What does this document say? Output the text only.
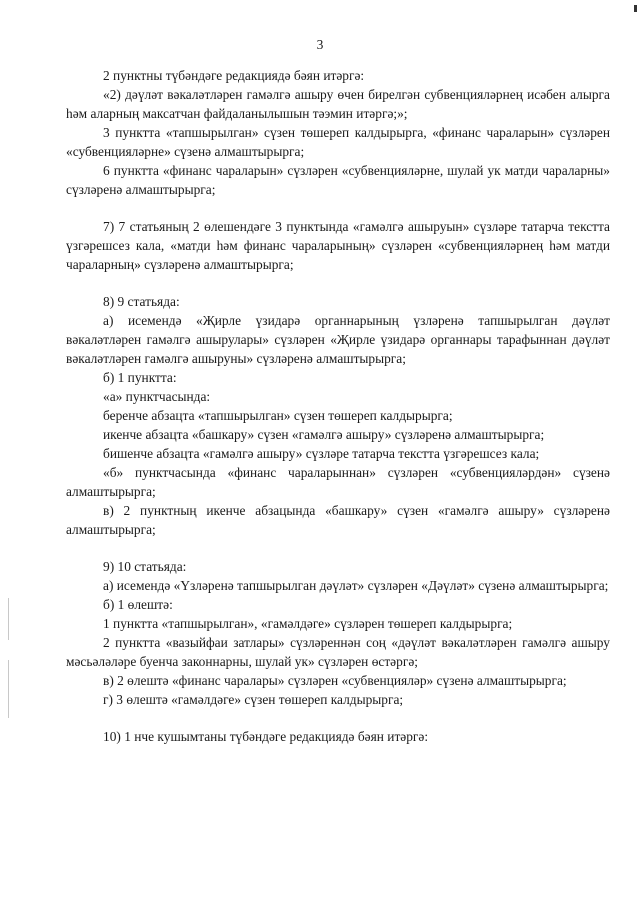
3

2 пунктны түбәндәге редакциядә бәян итәргә:

«2) дәүләт вәкаләтләрен гамәлгә ашыру өчен бирелгән субвенцияләрнең исәбен алырга һәм аларның максатчан файдаланылышын тәэмин итәргә;»;

3 пунктта «тапшырылган» сүзен төшереп калдырырга, «финанс чараларын» сүзләрен «субвенцияләрне» сүзенә алмаштырырга;

6 пунктта «финанс чараларын» сүзләрен «субвенцияләрне, шулай ук матди чараларны» сүзләренә алмаштырырга;

7) 7 статьяның 2 өлешендәге 3 пунктында «гамәлгә ашыруын» сүзләре татарча текстта үзгәрешсез кала, «матди һәм финанс чараларының» сүзләрен «субвенцияләрнең һәм матди чараларның» сүзләренә алмаштырырга;

8) 9 статьяда:

а) исемендә «Җирле үзидарә органнарының үзләренә тапшырылган дәүләт вәкаләтләрен гамәлгә ашырулары» сүзләрен «Җирле үзидарә органнары тарафыннан дәүләт вәкаләтләрен гамәлгә ашыруны» сүзләренә алмаштырырга;

б) 1 пунктта:

«а» пунктчасында:

беренче абзацта «тапшырылган» сүзен төшереп калдырырга;

икенче абзацта «башкару» сүзен «гамәлгә ашыру» сүзләренә алмаштырырга;

бишенче абзацта «гамәлгә ашыру» сүзләре татарча текстта үзгәрешсез кала;

«б» пунктчасында «финанс чараларыннан» сүзләрен «субвенцияләрдән» сүзенә алмаштырырга;

в) 2 пунктның икенче абзацында «башкару» сүзен «гамәлгә ашыру» сүзләренә алмаштырырга;

9) 10 статьяда:

а) исемендә «Үзләренә тапшырылган дәүләт» сүзләрен «Дәүләт» сүзенә алмаштырырга;

б) 1 өлештә:

1 пунктта «тапшырылган», «гамәлдәге» сүзләрен төшереп калдырырга;

2 пунктта «вазыйфаи затлары» сүзләреннән соң «дәүләт вәкаләтләрен гамәлгә ашыру мәсьәләләре буенча законнарны, шулай ук» сүзләрен өстәргә;

в) 2 өлештә «финанс чаралары» сүзләрен «субвенцияләр» сүзенә алмаштырырга;

г) 3 өлештә «гамәлдәге» сүзен төшереп калдырырга;

10) 1 нче кушымтаны түбәндәге редакциядә бәян итәргә:
